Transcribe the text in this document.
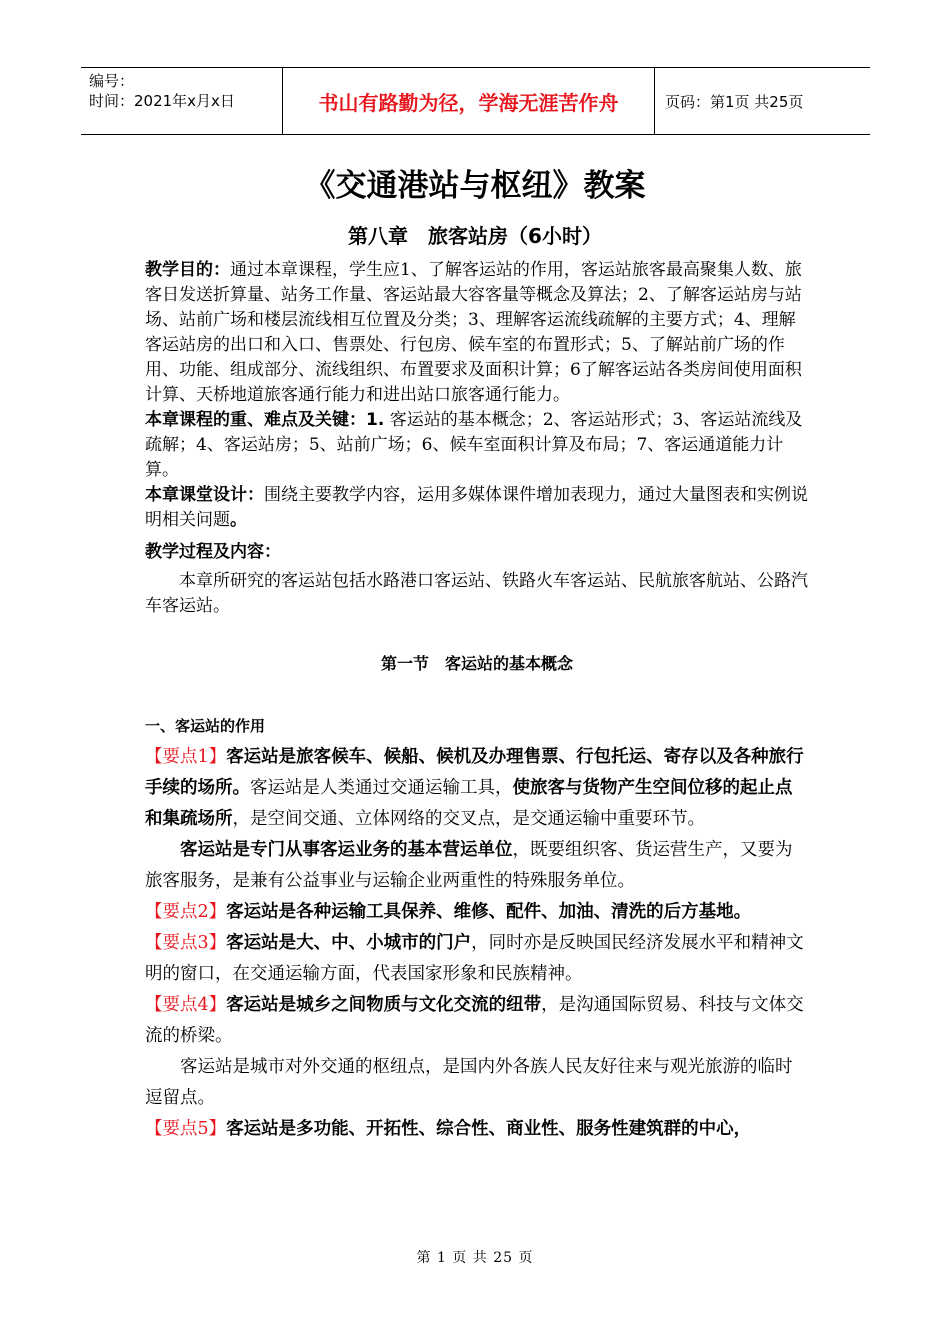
编号：
时间：2021年x月x日	书山有路勤为径，学海无涯苦作舟	页码：第1页 共25页
《交通港站与枢纽》教案
第八章　旅客站房（6小时）

教学目的：通过本章课程，学生应1、了解客运站的作用，客运站旅客最高聚集人数、旅客日发送折算量、站务工作量、客运站最大容客量等概念及算法；2、了解客运站房与站场、站前广场和楼层流线相互位置及分类；3、理解客运流线疏解的主要方式；4、理解客运站房的出口和入口、售票处、行包房、候车室的布置形式；5、了解站前广场的作用、功能、组成部分、流线组织、布置要求及面积计算；6了解客运站各类房间使用面积计算、天桥地道旅客通行能力和进出站口旅客通行能力。

本章课程的重、难点及关键：1. 客运站的基本概念；2、客运站形式；3、客运站流线及疏解；4、客运站房；5、站前广场；6、候车室面积计算及布局；7、客运通道能力计算。

本章课堂设计：围绕主要教学内容，运用多媒体课件增加表现力，通过大量图表和实例说明相关问题。

教学过程及内容：

本章所研究的客运站包括水路港口客运站、铁路火车客运站、民航旅客航站、公路汽车客运站。

第一节　客运站的基本概念

一、客运站的作用

【要点1】客运站是旅客候车、候船、候机及办理售票、行包托运、寄存以及各种旅行手续的场所。客运站是人类通过交通运输工具，使旅客与货物产生空间位移的起止点和集疏场所，是空间交通、立体网络的交叉点，是交通运输中重要环节。

客运站是专门从事客运业务的基本营运单位，既要组织客、货运营生产，又要为旅客服务，是兼有公益事业与运输企业两重性的特殊服务单位。

【要点2】客运站是各种运输工具保养、维修、配件、加油、清洗的后方基地。

【要点3】客运站是大、中、小城市的门户，同时亦是反映国民经济发展水平和精神文明的窗口，在交通运输方面，代表国家形象和民族精神。

【要点4】客运站是城乡之间物质与文化交流的纽带，是沟通国际贸易、科技与文体交流的桥梁。

客运站是城市对外交通的枢纽点，是国内外各族人民友好往来与观光旅游的临时逗留点。

【要点5】客运站是多功能、开拓性、综合性、商业性、服务性建筑群的中心，

第 1 页 共 25 页
